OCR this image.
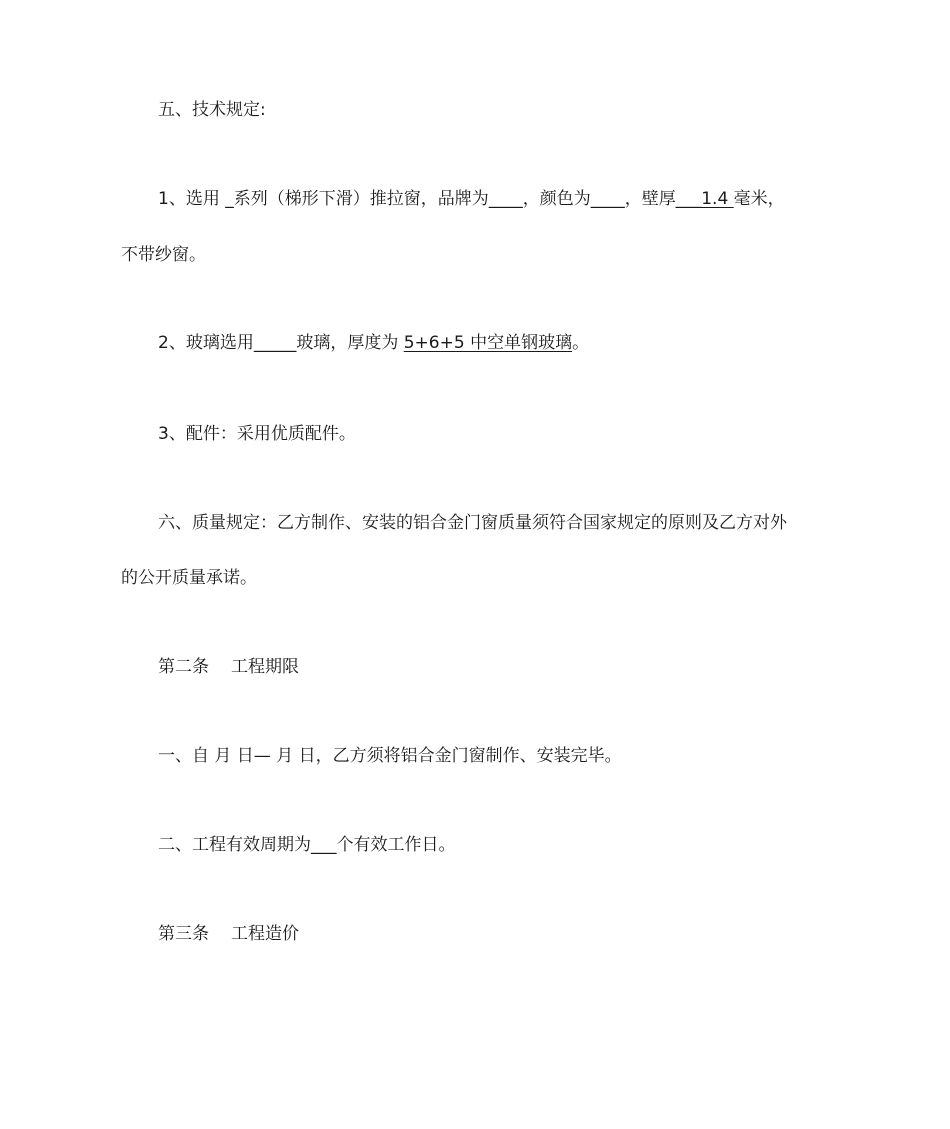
五、技术规定:
1、选用 _系列（梯形下滑）推拉窗，品牌为____，颜色为____，壁厚___1.4 毫米，
不带纱窗。
2、玻璃选用_____玻璃，厚度为 5+6+5 中空单钢玻璃。
3、配件：采用优质配件。
六、质量规定：乙方制作、安装的铝合金门窗质量须符合国家规定的原则及乙方对外
的公开质量承诺。
第二条 工程期限
一、自 月 日— 月 日，乙方须将铝合金门窗制作、安装完毕。
二、工程有效周期为___个有效工作日。
第三条 工程造价
